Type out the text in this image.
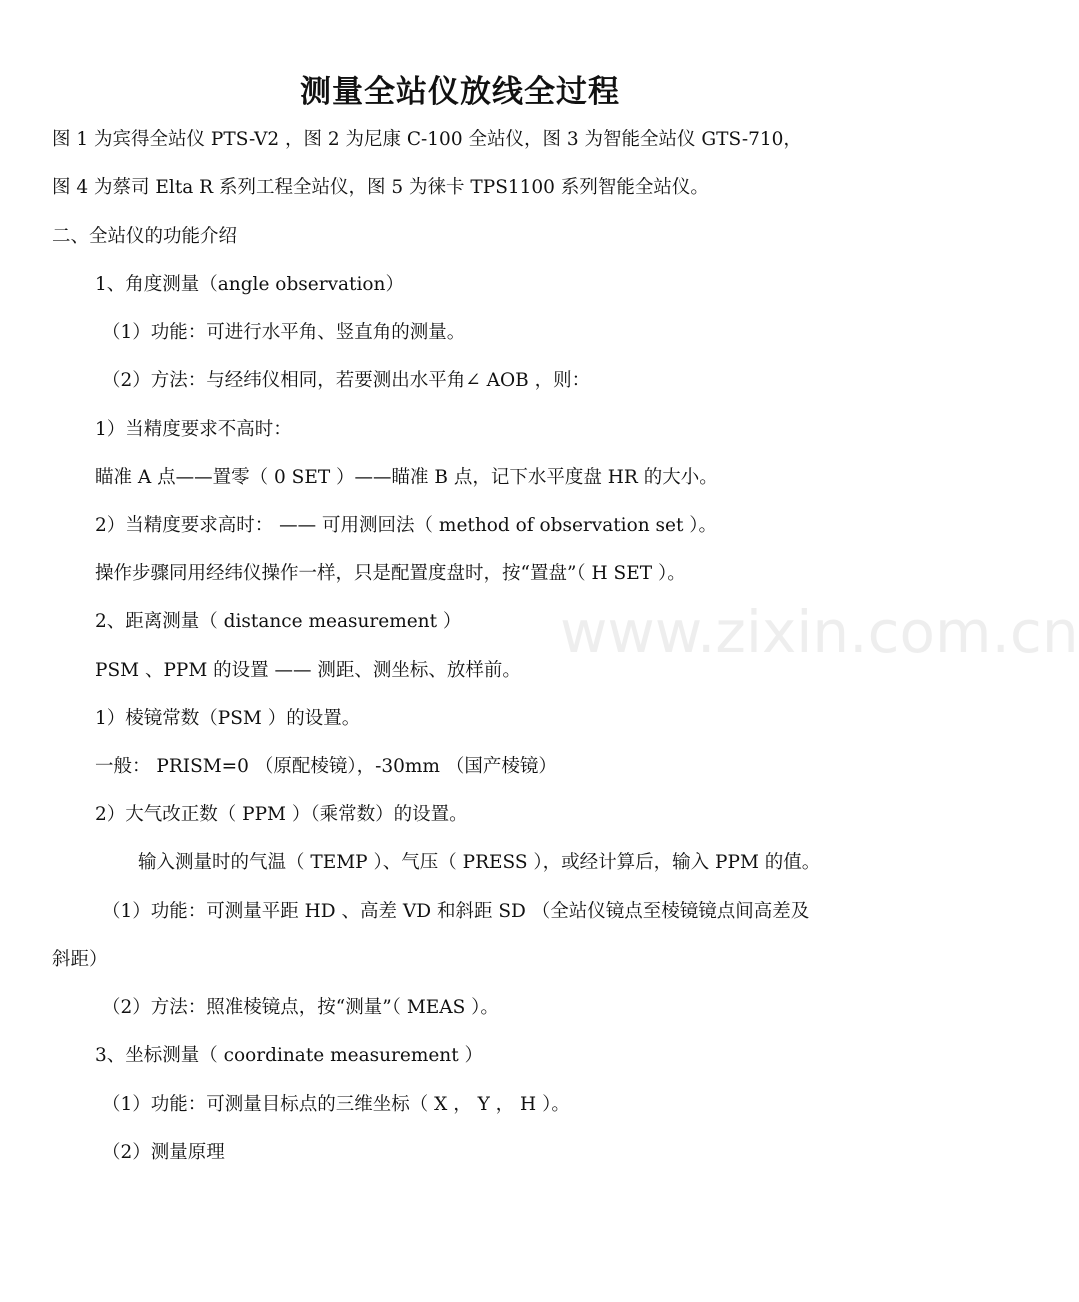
测量全站仪放线全过程
图 1 为宾得全站仪 PTS-V2 ，图 2 为尼康 C-100 全站仪，图 3 为智能全站仪 GTS-710，
图 4 为蔡司 Elta R 系列工程全站仪，图 5 为徕卡 TPS1100 系列智能全站仪。
二、全站仪的功能介绍
1、角度测量（angle observation）
（1）功能：可进行水平角、竖直角的测量。
（2）方法：与经纬仪相同，若要测出水平角∠ AOB ，则：
1）当精度要求不高时：
瞄准 A 点——置零（ 0 SET ）——瞄准 B 点，记下水平度盘 HR 的大小。
2）当精度要求高时： —— 可用测回法（ method of observation set ）。
操作步骤同用经纬仪操作一样，只是配置度盘时，按“置盘”（ H SET ）。
2、距离测量（ distance measurement ）
PSM 、PPM 的设置 —— 测距、测坐标、放样前。
1）棱镜常数（PSM ）的设置。
一般： PRISM=0 （原配棱镜），-30mm （国产棱镜）
2）大气改正数（ PPM ）（乘常数）的设置。
输入测量时的气温（ TEMP ）、气压（ PRESS ），或经计算后，输入 PPM 的值。
（1）功能：可测量平距 HD 、高差 VD 和斜距 SD （全站仪镜点至棱镜镜点间高差及
斜距）
（2）方法：照准棱镜点，按“测量”（ MEAS ）。
3、坐标测量（ coordinate measurement ）
（1）功能：可测量目标点的三维坐标（ X ， Y ， H ）。
（2）测量原理
www.zixin.com.cn
